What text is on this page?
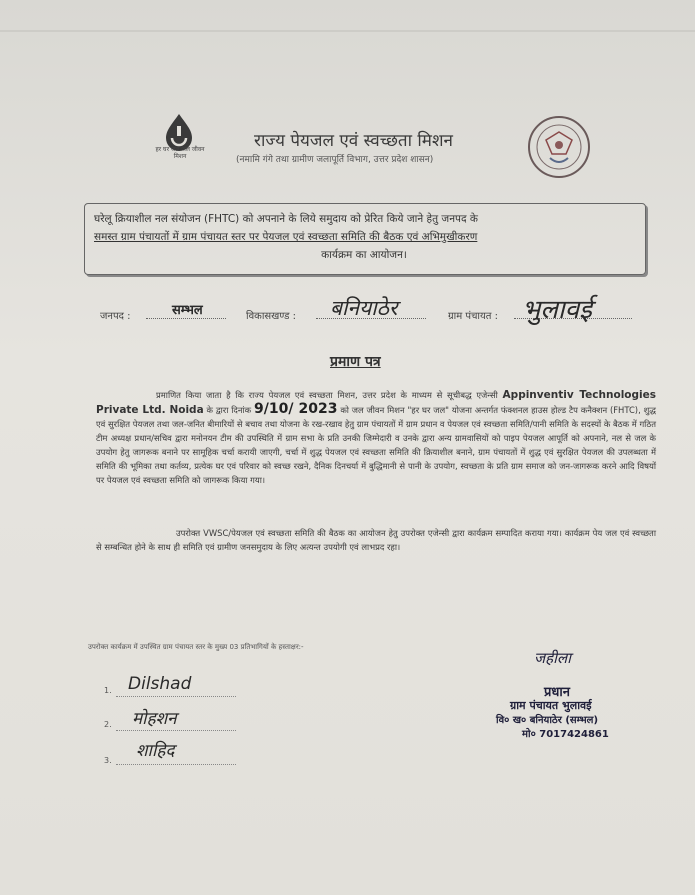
हर घर जल जल जीवन मिशन
राज्य पेयजल एवं स्वच्छता मिशन
(नमामि गंगे तथा ग्रामीण जलापूर्ति विभाग, उत्तर प्रदेश शासन)
घरेलू क्रियाशील नल संयोजन (FHTC) को अपनाने के लिये समुदाय को प्रेरित किये जाने हेतु जनपद के
समस्त ग्राम पंचायतों में ग्राम पंचायत स्तर पर पेयजल एवं स्वच्छता समिति की बैठक एवं अभिमुखीकरण

कार्यक्रम का आयोजन।
जनपद :	सम्भल	विकासखण्ड : बनियाठेर	ग्राम पंचायत : भुलावई
प्रमाण पत्र
प्रमाणित किया जाता है कि राज्य पेयजल एवं स्वच्छता मिशन, उत्तर प्रदेश के माध्यम से सूचीबद्ध एजेन्सी Appinventiv Technologies Private Ltd. Noida के द्वारा दिनांक 9/10/ 2023 को जल जीवन मिशन "हर घर जल" योजना अन्तर्गत फंक्शनल हाउस होल्ड टैप कनैक्शन (FHTC), शुद्ध एवं सुरक्षित पेयजल तथा जल-जनित बीमारियों से बचाव तथा योजना के रख-रखाव हेतु ग्राम पंचायतों में ग्राम प्रधान व पेयजल एवं स्वच्छता समिति/पानी समिति के सदस्यों के बैठक में गठित टीम अध्यक्ष प्रधान/सचिव द्वारा मनोनयन टीम की उपस्थिति में ग्राम सभा के प्रति उनकी जिम्मेदारी व उनके द्वारा अन्य ग्रामवासियों को पाइप पेयजल आपूर्ति को अपनाने, नल से जल के उपयोग हेतु जागरूक बनाने पर सामूहिक चर्चा करायी जाएगी, चर्चा में शुद्ध पेयजल एवं स्वच्छता समिति की क्रियाशील बनाने, ग्राम पंचायतों में शुद्ध एवं सुरक्षित पेयजल की उपलब्धता में समिति की भूमिका तथा कर्तव्य, प्रत्येक घर एवं परिवार को स्वच्छ रखने, दैनिक दिनचर्या में बुद्धिमानी से पानी के उपयोग, स्वच्छता के प्रति ग्राम समाज को जन-जागरूक करने आदि विषयों पर पेयजल एवं स्वच्छता समिति को जागरूक किया गया।
उपरोक्त VWSC/पेयजल एवं स्वच्छता समिति की बैठक का आयोजन हेतु उपरोक्त एजेन्सी द्वारा कार्यक्रम सम्पादित कराया गया। कार्यक्रम पेय जल एवं स्वच्छता से सम्बन्धित होने के साथ ही समिति एवं ग्रामीण जनसमुदाय के लिए अत्यन्त उपयोगी एवं लाभप्रद रहा।
उपरोक्त कार्यक्रम में उपस्थित ग्राम पंचायत स्तर के मुख्य 03 प्रतिभागियों के हस्ताक्षर:-
1. Dilshad
2. मोहशन
3. शाहिद
जहीला
प्रधान
ग्राम पंचायत भुलावई
वि० ख० बनियाठेर (सम्भल)
मो० 7017424861
